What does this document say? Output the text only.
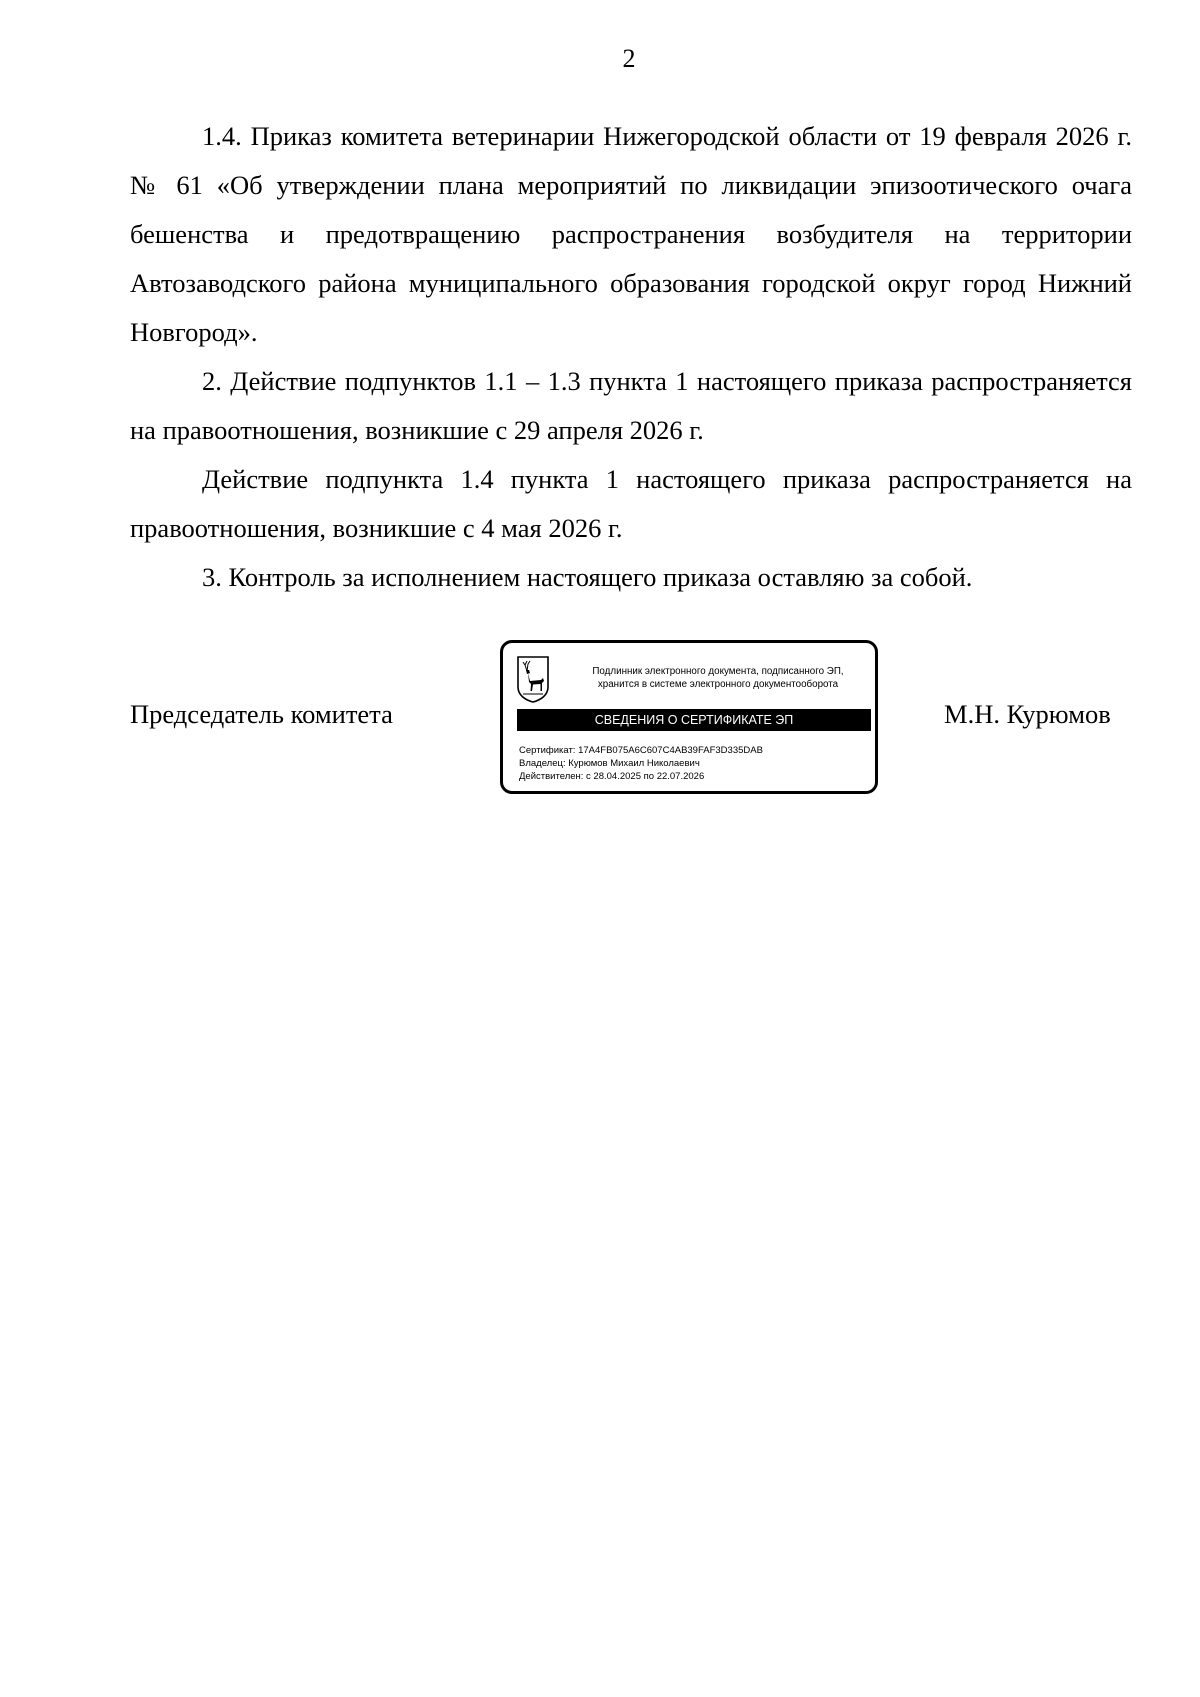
2

1.4. Приказ комитета ветеринарии Нижегородской области от 19 февраля 2026 г. № 61 «Об утверждении плана мероприятий по ликвидации эпизоотического очага бешенства и предотвращению распространения возбудителя на территории Автозаводского района муниципального образования городской округ город Нижний Новгород».

2. Действие подпунктов 1.1 – 1.3 пункта 1 настоящего приказа распространяется на правоотношения, возникшие с 29 апреля 2026 г.

Действие подпункта 1.4 пункта 1 настоящего приказа распространяется на правоотношения, возникшие с 4 мая 2026 г.

3. Контроль за исполнением настоящего приказа оставляю за собой.

Председатель комитета
Подлинник электронного документа, подписанного ЭП,
хранится в системе электронного документооборота
СВЕДЕНИЯ О СЕРТИФИКАТЕ ЭП
Сертификат: 17A4FB075A6C607C4AB39FAF3D335DAB
Владелец: Курюмов Михаил Николаевич
Действителен: с 28.04.2025 по 22.07.2026
М.Н. Курюмов
